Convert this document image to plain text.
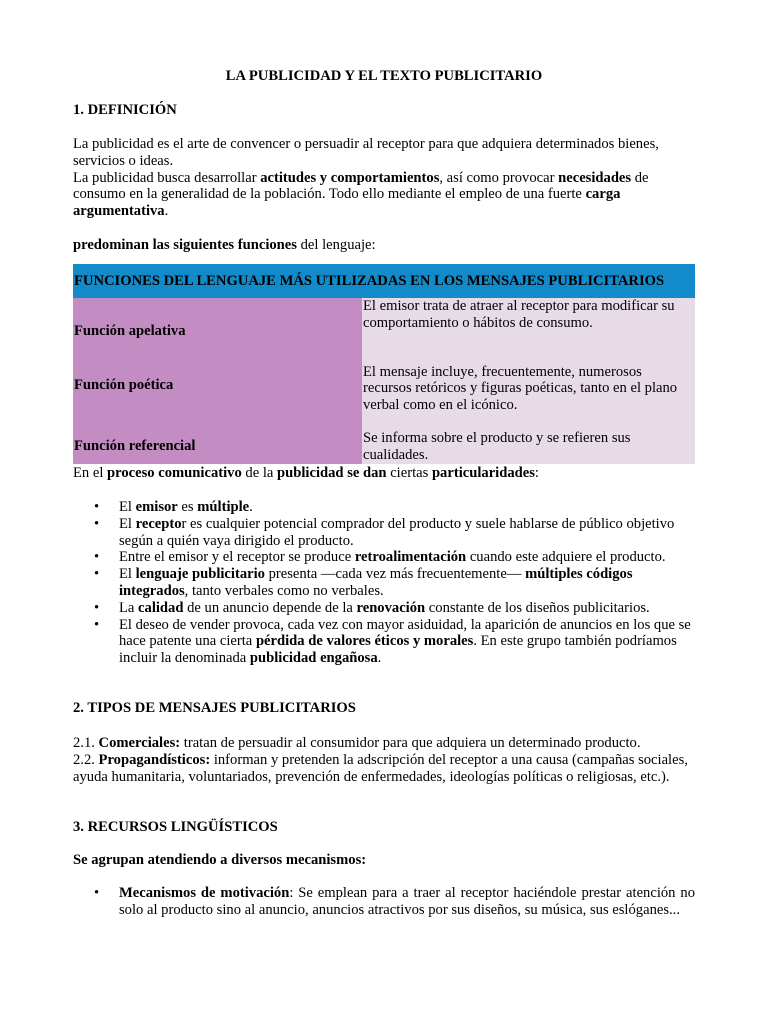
LA PUBLICIDAD Y EL TEXTO PUBLICITARIO
1. DEFINICIÓN
La publicidad es el arte de convencer o persuadir al receptor para que adquiera determinados bienes, servicios o ideas.
La publicidad busca desarrollar actitudes y comportamientos, así como provocar necesidades de consumo en la generalidad de la población. Todo ello mediante el empleo de una fuerte carga argumentativa.
predominan las siguientes funciones del lenguaje:
FUNCIONES DEL LENGUAJE MÁS UTILIZADAS EN LOS MENSAJES PUBLICITARIOS	
Función apelativa	El emisor trata de atraer al receptor para modificar su comportamiento o hábitos de consumo.
Función poética	El mensaje incluye, frecuentemente, numerosos recursos retóricos y figuras poéticas, tanto en el plano verbal como en el icónico.
Función referencial	Se informa sobre el producto y se refieren sus cualidades.
En el proceso comunicativo de la publicidad se dan ciertas particularidades:
• El emisor es múltiple.
• El receptor es cualquier potencial comprador del producto y suele hablarse de público objetivo según a quién vaya dirigido el producto.
• Entre el emisor y el receptor se produce retroalimentación cuando este adquiere el producto.
• El lenguaje publicitario presenta —cada vez más frecuentemente— múltiples códigos integrados, tanto verbales como no verbales.
• La calidad de un anuncio depende de la renovación constante de los diseños publicitarios.
• El deseo de vender provoca, cada vez con mayor asiduidad, la aparición de anuncios en los que se hace patente una cierta pérdida de valores éticos y morales. En este grupo también podríamos incluir la denominada publicidad engañosa.
2. TIPOS DE MENSAJES PUBLICITARIOS
2.1. Comerciales: tratan de persuadir al consumidor para que adquiera un determinado producto.
2.2. Propagandísticos: informan y pretenden la adscripción del receptor a una causa (campañas sociales, ayuda humanitaria, voluntariados, prevención de enfermedades, ideologías políticas o religiosas, etc.).
3. RECURSOS LINGÜÍSTICOS
Se agrupan atendiendo a diversos mecanismos:
• Mecanismos de motivación: Se emplean para a traer al receptor haciéndole prestar atención no solo al producto sino al anuncio, anuncios atractivos por sus diseños, su música, sus eslóganes...
